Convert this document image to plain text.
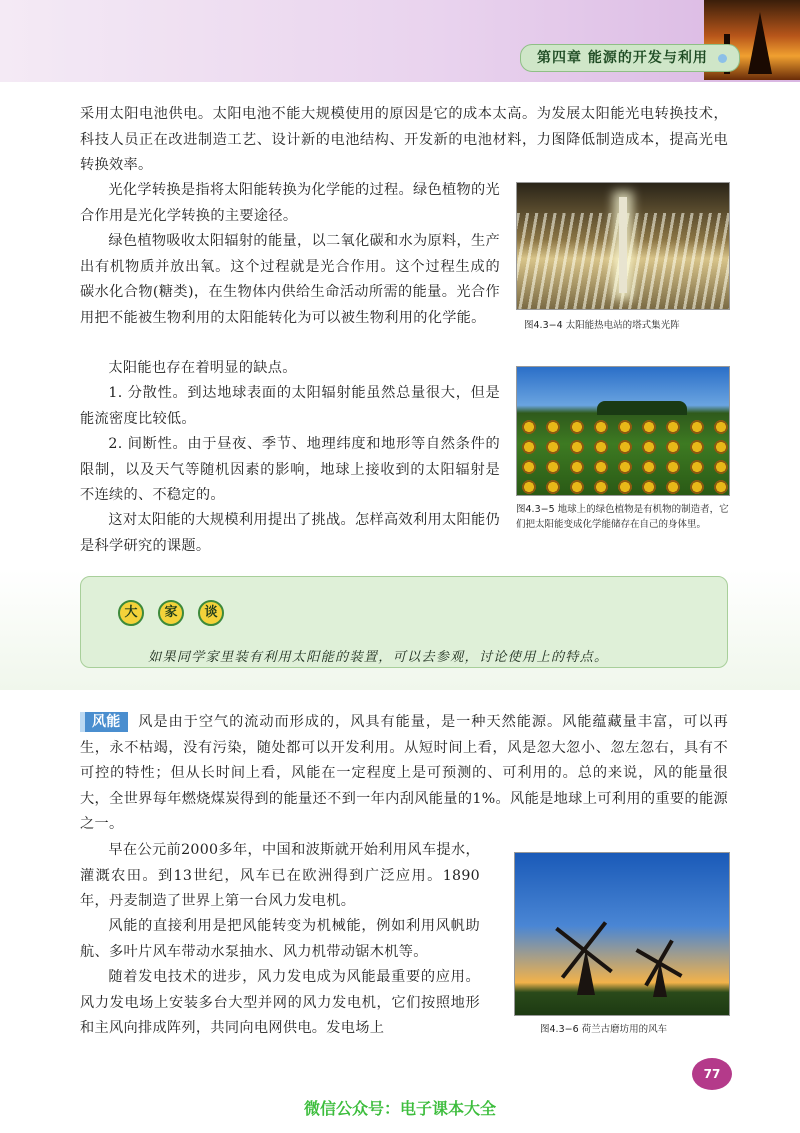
第四章 能源的开发与利用

采用太阳电池供电。太阳电池不能大规模使用的原因是它的成本太高。为发展太阳能光电转换技术，科技人员正在改进制造工艺、设计新的电池结构、开发新的电池材料，力图降低制造成本，提高光电转换效率。

光化学转换是指将太阳能转换为化学能的过程。绿色植物的光合作用是光化学转换的主要途径。

绿色植物吸收太阳辐射的能量，以二氧化碳和水为原料，生产出有机物质并放出氧。这个过程就是光合作用。这个过程生成的碳水化合物(糖类)，在生物体内供给生命活动所需的能量。光合作用把不能被生物利用的太阳能转化为可以被生物利用的化学能。

太阳能也存在着明显的缺点。

1. 分散性。到达地球表面的太阳辐射能虽然总量很大，但是能流密度比较低。

2. 间断性。由于昼夜、季节、地理纬度和地形等自然条件的限制，以及天气等随机因素的影响，地球上接收到的太阳辐射是不连续的、不稳定的。

这对太阳能的大规模利用提出了挑战。怎样高效利用太阳能仍是科学研究的课题。

图4.3−4 太阳能热电站的塔式集光阵

图4.3−5 地球上的绿色植物是有机物的制造者，它们把太阳能变成化学能储存在自己的身体里。

大	家	谈

如果同学家里装有利用太阳能的装置，可以去参观，讨论使用上的特点。

风能 风是由于空气的流动而形成的，风具有能量，是一种天然能源。风能蕴藏量丰富，可以再生，永不枯竭，没有污染，随处都可以开发利用。从短时间上看，风是忽大忽小、忽左忽右，具有不可控的特性；但从长时间上看，风能在一定程度上是可预测的、可利用的。总的来说，风的能量很大，全世界每年燃烧煤炭得到的能量还不到一年内刮风能量的1%。风能是地球上可利用的重要的能源之一。

早在公元前2000多年，中国和波斯就开始利用风车提水，灌溉农田。到13世纪，风车已在欧洲得到广泛应用。1890年，丹麦制造了世界上第一台风力发电机。

风能的直接利用是把风能转变为机械能，例如利用风帆助航、多叶片风车带动水泵抽水、风力机带动锯木机等。

随着发电技术的进步，风力发电成为风能最重要的应用。风力发电场上安装多台大型并网的风力发电机，它们按照地形和主风向排成阵列，共同向电网供电。发电场上	图4.3−6 荷兰古磨坊用的风车

77

微信公众号：电子课本大全
